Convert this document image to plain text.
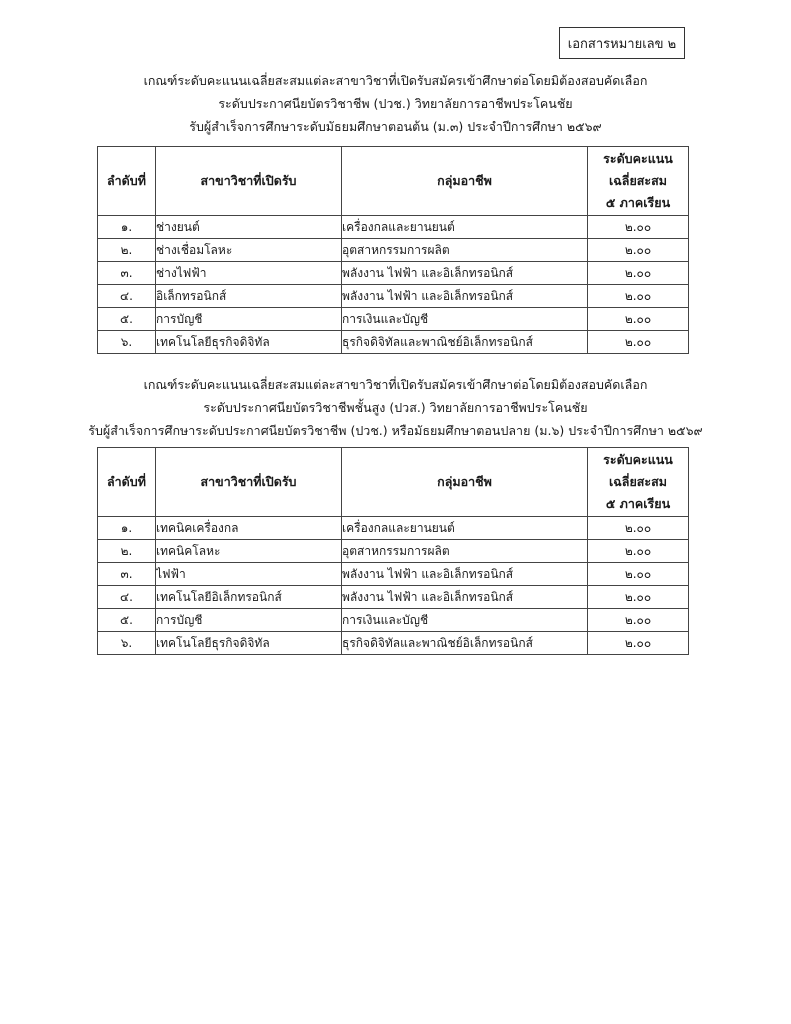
เอกสารหมายเลข ๒
เกณฑ์ระดับคะแนนเฉลี่ยสะสมแต่ละสาขาวิชาที่เปิดรับสมัครเข้าศึกษาต่อโดยมิต้องสอบคัดเลือก
ระดับประกาศนียบัตรวิชาชีพ (ปวช.) วิทยาลัยการอาชีพประโคนชัย
รับผู้สำเร็จการศึกษาระดับมัธยมศึกษาตอนต้น (ม.๓) ประจำปีการศึกษา ๒๕๖๙
ลำดับที่	สาขาวิชาที่เปิดรับ	กลุ่มอาชีพ	ระดับคะแนน
เฉลี่ยสะสม
๕ ภาคเรียน

๑.	ช่างยนต์	เครื่องกลและยานยนต์	๒.๐๐
๒.	ช่างเชื่อมโลหะ	อุตสาหกรรมการผลิต	๒.๐๐
๓.	ช่างไฟฟ้า	พลังงาน ไฟฟ้า และอิเล็กทรอนิกส์	๒.๐๐
๔.	อิเล็กทรอนิกส์	พลังงาน ไฟฟ้า และอิเล็กทรอนิกส์	๒.๐๐
๕.	การบัญชี	การเงินและบัญชี	๒.๐๐
๖.	เทคโนโลยีธุรกิจดิจิทัล	ธุรกิจดิจิทัลและพาณิชย์อิเล็กทรอนิกส์	๒.๐๐
เกณฑ์ระดับคะแนนเฉลี่ยสะสมแต่ละสาขาวิชาที่เปิดรับสมัครเข้าศึกษาต่อโดยมิต้องสอบคัดเลือก
ระดับประกาศนียบัตรวิชาชีพชั้นสูง (ปวส.) วิทยาลัยการอาชีพประโคนชัย
รับผู้สำเร็จการศึกษาระดับประกาศนียบัตรวิชาชีพ (ปวช.) หรือมัธยมศึกษาตอนปลาย (ม.๖) ประจำปีการศึกษา ๒๕๖๙
ลำดับที่	สาขาวิชาที่เปิดรับ	กลุ่มอาชีพ	ระดับคะแนน
เฉลี่ยสะสม
๕ ภาคเรียน

๑.	เทคนิคเครื่องกล	เครื่องกลและยานยนต์	๒.๐๐
๒.	เทคนิคโลหะ	อุตสาหกรรมการผลิต	๒.๐๐
๓.	ไฟฟ้า	พลังงาน ไฟฟ้า และอิเล็กทรอนิกส์	๒.๐๐
๔.	เทคโนโลยีอิเล็กทรอนิกส์	พลังงาน ไฟฟ้า และอิเล็กทรอนิกส์	๒.๐๐
๕.	การบัญชี	การเงินและบัญชี	๒.๐๐
๖.	เทคโนโลยีธุรกิจดิจิทัล	ธุรกิจดิจิทัลและพาณิชย์อิเล็กทรอนิกส์	๒.๐๐
